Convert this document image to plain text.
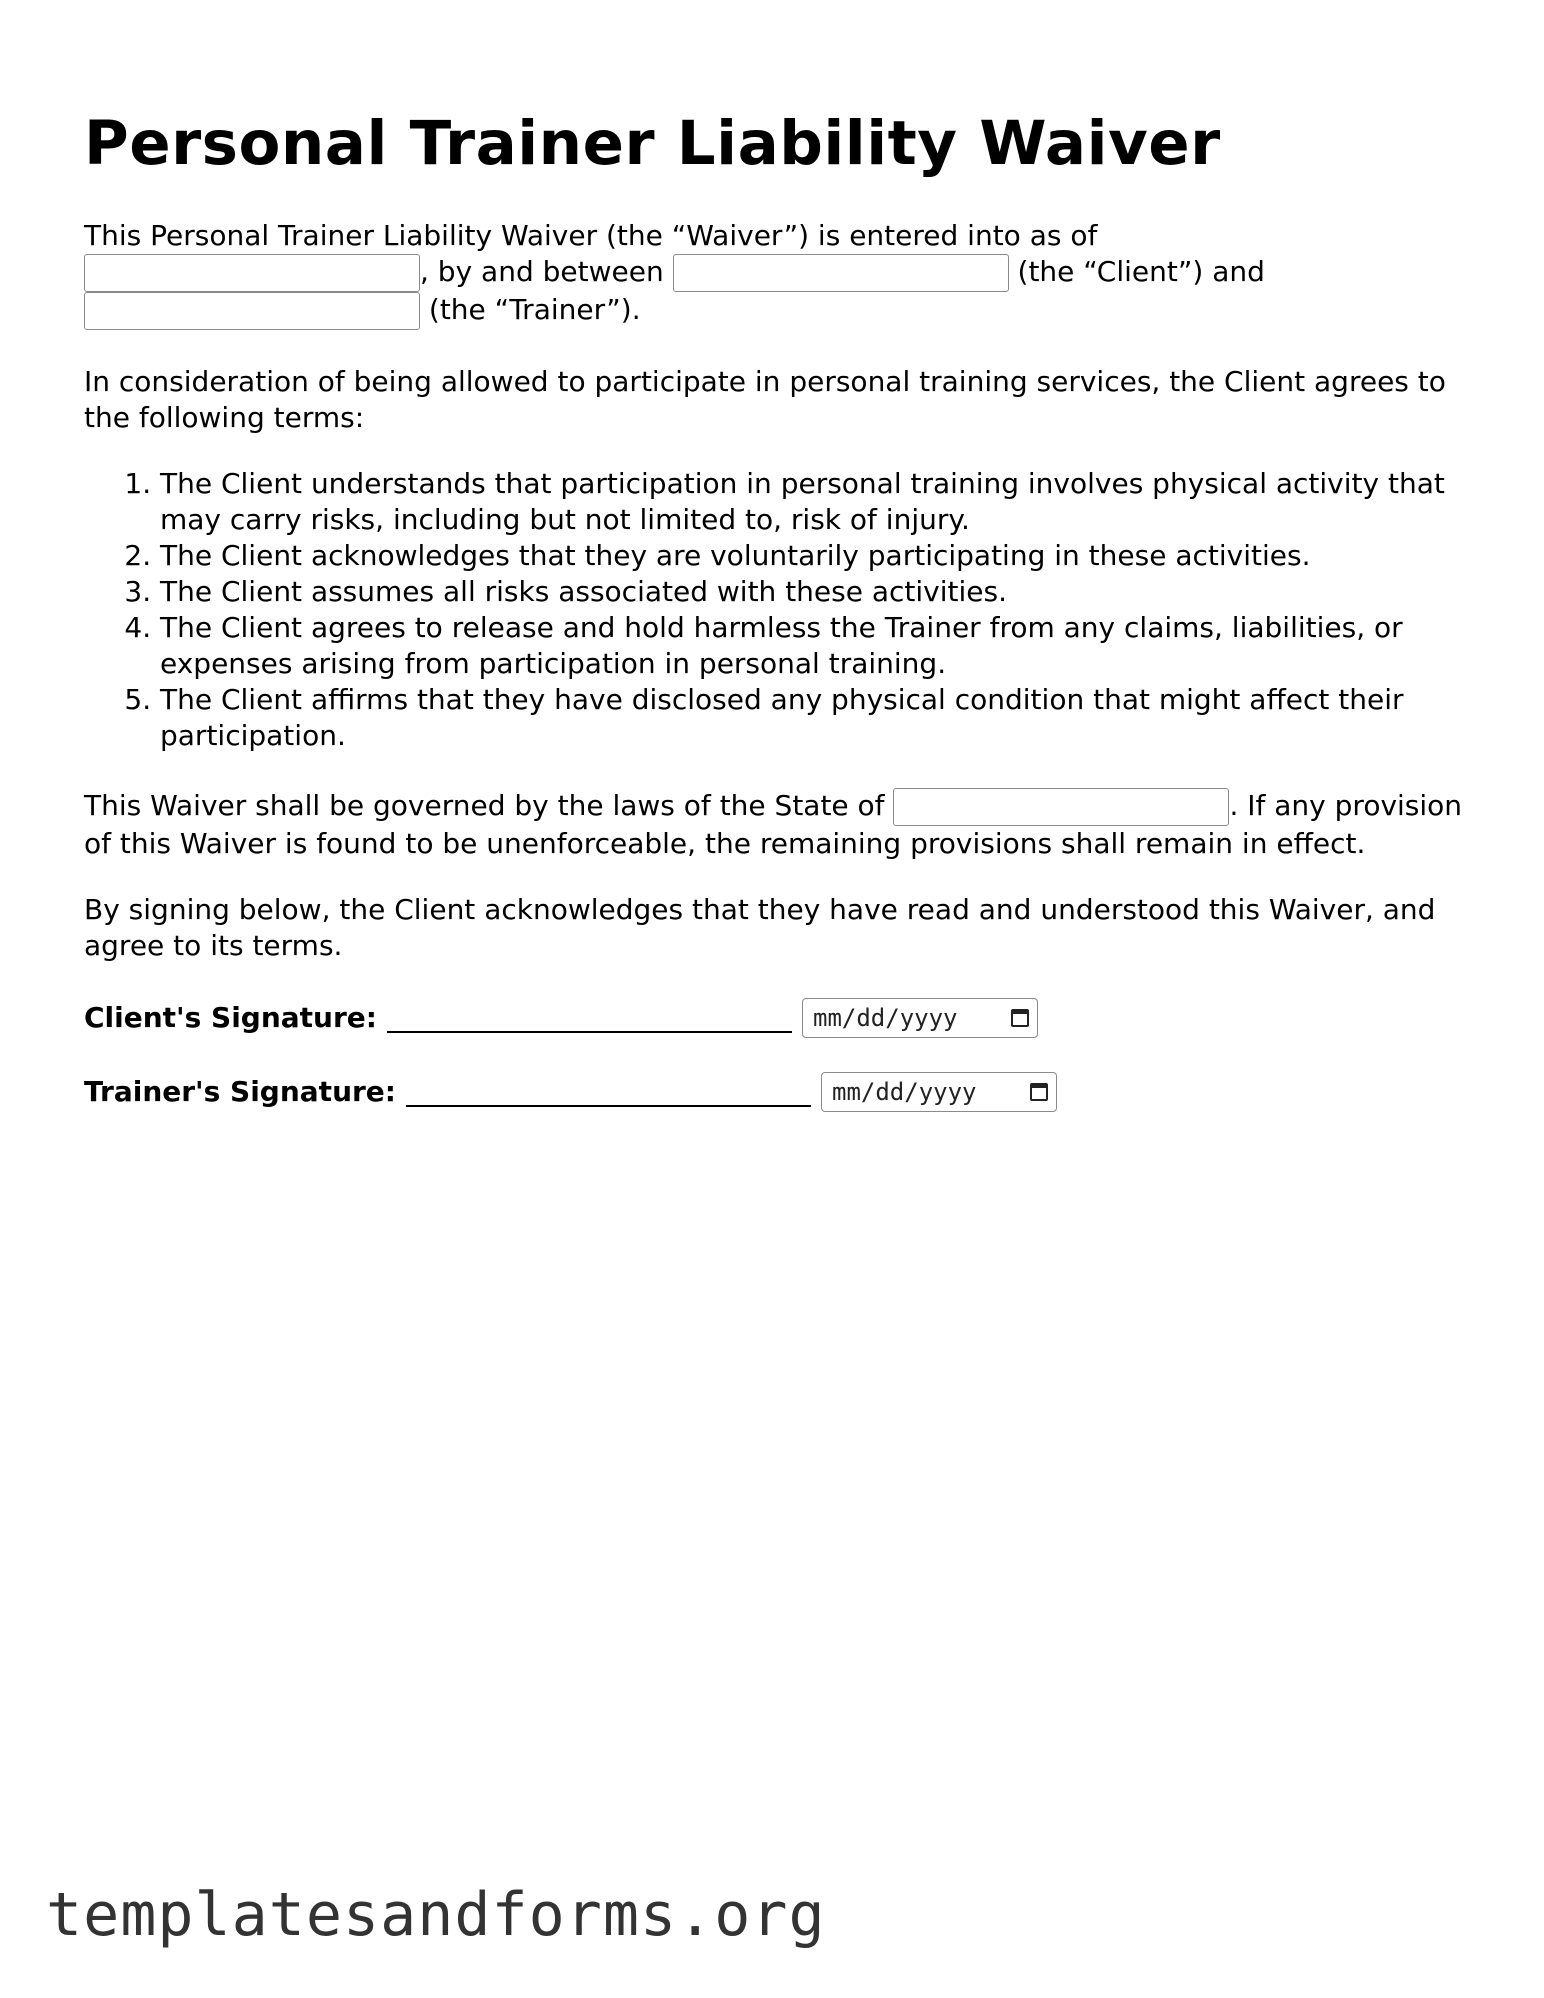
Personal Trainer Liability Waiver

This Personal Trainer Liability Waiver (the “Waiver”) is entered into as of
, by and between	(the “Client”) and
(the “Trainer”).

In consideration of being allowed to participate in personal training services, the Client agrees to the following terms:

1. The Client understands that participation in personal training involves physical activity that may carry risks, including but not limited to, risk of injury.
2. The Client acknowledges that they are voluntarily participating in these activities.
3. The Client assumes all risks associated with these activities.
4. The Client agrees to release and hold harmless the Trainer from any claims, liabilities, or expenses arising from participation in personal training.
5. The Client affirms that they have disclosed any physical condition that might affect their participation.

This Waiver shall be governed by the laws of the State of	. If any provision of this Waiver is found to be unenforceable, the remaining provisions shall remain in effect.

By signing below, the Client acknowledges that they have read and understood this Waiver, and agree to its terms.

Client's Signature:	mm/dd/yyyy
Trainer's Signature:	mm/dd/yyyy
templatesandforms.org
